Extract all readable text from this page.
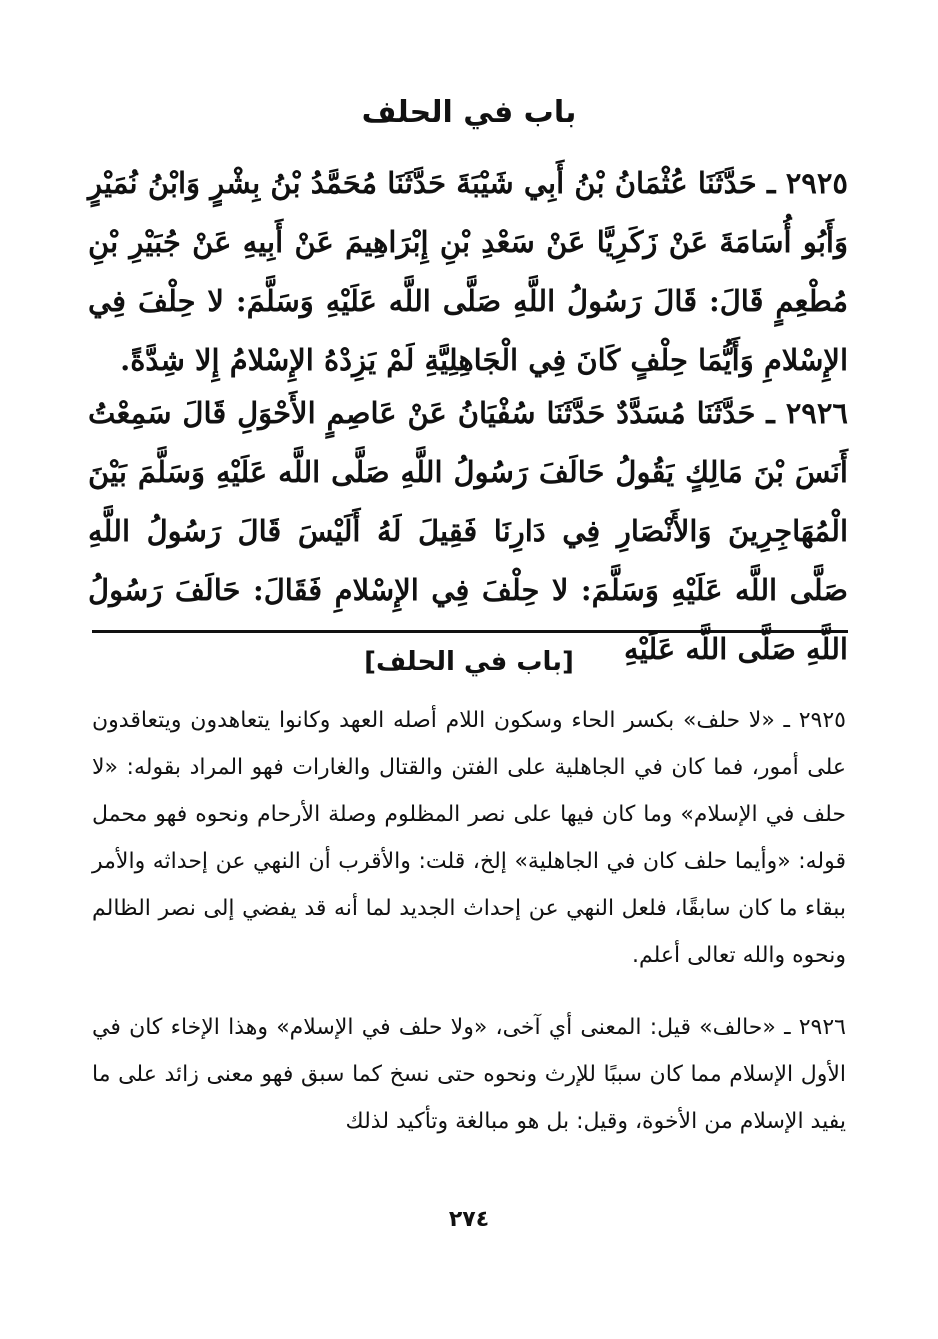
باب في الحلف

٢٩٢٥ ـ حَدَّثَنَا عُثْمَانُ بْنُ أَبِي شَيْبَةَ حَدَّثَنَا مُحَمَّدُ بْنُ بِشْرٍ وَابْنُ نُمَيْرٍ وَأَبُو أُسَامَةَ عَنْ زَكَرِيَّا عَنْ سَعْدِ بْنِ إِبْرَاهِيمَ عَنْ أَبِيهِ عَنْ جُبَيْرِ بْنِ مُطْعِمٍ قَالَ: قَالَ رَسُولُ اللَّهِ صَلَّى اللَّه عَلَيْهِ وَسَلَّمَ: لا حِلْفَ فِي الإِسْلامِ وَأَيُّمَا حِلْفٍ كَانَ فِي الْجَاهِلِيَّةِ لَمْ يَزِدْهُ الإِسْلامُ إِلا شِدَّةً.

٢٩٢٦ ـ حَدَّثَنَا مُسَدَّدٌ حَدَّثَنَا سُفْيَانُ عَنْ عَاصِمٍ الأَحْوَلِ قَالَ سَمِعْتُ أَنَسَ بْنَ مَالِكٍ يَقُولُ حَالَفَ رَسُولُ اللَّهِ صَلَّى اللَّه عَلَيْهِ وَسَلَّمَ بَيْنَ الْمُهَاجِرِينَ وَالأَنْصَارِ فِي دَارِنَا فَقِيلَ لَهُ أَلَيْسَ قَالَ رَسُولُ اللَّهِ صَلَّى اللَّه عَلَيْهِ وَسَلَّمَ: لا حِلْفَ فِي الإِسْلامِ فَقَالَ: حَالَفَ رَسُولُ اللَّهِ صَلَّى اللَّه عَلَيْهِ

[باب في الحلف]

٢٩٢٥ ـ «لا حلف» بكسر الحاء وسكون اللام أصله العهد وكانوا يتعاهدون ويتعاقدون على أمور، فما كان في الجاهلية على الفتن والقتال والغارات فهو المراد بقوله: «لا حلف في الإسلام» وما كان فيها على نصر المظلوم وصلة الأرحام ونحوه فهو محمل قوله: «وأيما حلف كان في الجاهلية» إلخ، قلت: والأقرب أن النهي عن إحداثه والأمر ببقاء ما كان سابقًا، فلعل النهي عن إحداث الجديد لما أنه قد يفضي إلى نصر الظالم ونحوه والله تعالى أعلم.

٢٩٢٦ ـ «حالف» قيل: المعنى أي آخى، «ولا حلف في الإسلام» وهذا الإخاء كان في الأول الإسلام مما كان سببًا للإرث ونحوه حتى نسخ كما سبق فهو معنى زائد على ما يفيد الإسلام من الأخوة، وقيل: بل هو مبالغة وتأكيد لذلك

٢٧٤
